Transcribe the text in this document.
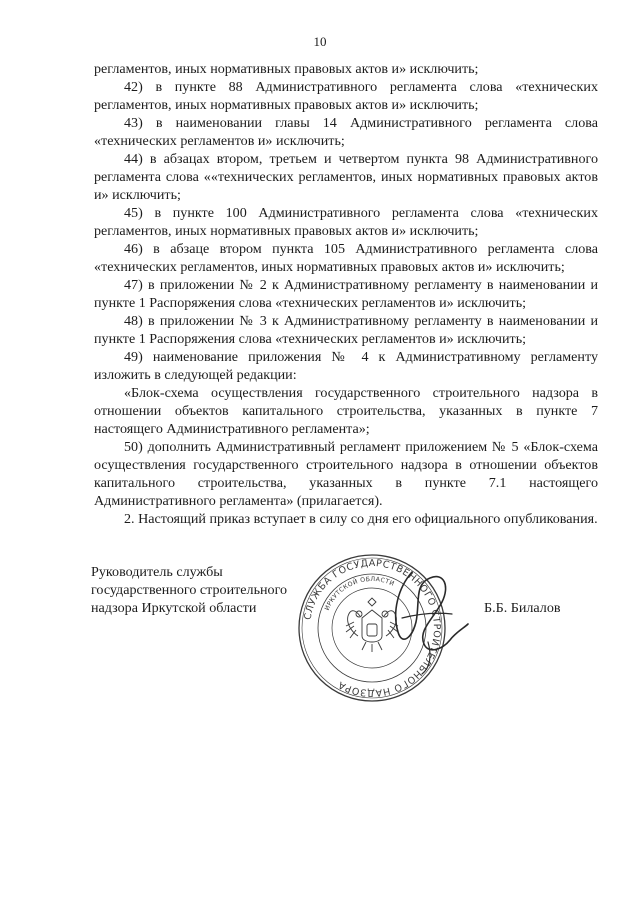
10

регламентов, иных нормативных правовых актов и» исключить;

42) в пункте 88 Административного регламента слова «технических регламентов, иных нормативных правовых актов и» исключить;

43) в наименовании главы 14 Административного регламента слова «технических регламентов и» исключить;

44) в абзацах втором, третьем и четвертом пункта 98 Административного регламента слова ««технических регламентов, иных нормативных правовых актов и» исключить;

45) в пункте 100 Административного регламента слова «технических регламентов, иных нормативных правовых актов и» исключить;

46) в абзаце втором пункта 105 Административного регламента слова «технических регламентов, иных нормативных правовых актов и» исключить;

47) в приложении № 2 к Административному регламенту в наименовании и пункте 1 Распоряжения слова «технических регламентов и» исключить;

48) в приложении № 3 к Административному регламенту в наименовании и пункте 1 Распоряжения слова «технических регламентов и» исключить;

49) наименование приложения № 4 к Административному регламенту изложить в следующей редакции:

«Блок-схема осуществления государственного строительного надзора в отношении объектов капитального строительства, указанных в пункте 7 настоящего Административного регламента»;

50) дополнить Административный регламент приложением № 5 «Блок-схема осуществления государственного строительного надзора в отношении объектов капитального строительства, указанных в пункте 7.1 настоящего Административного регламента» (прилагается).

2. Настоящий приказ вступает в силу со дня его официального опубликования.

Руководитель службы
государственного строительного
надзора Иркутской области	Б.Б. Билалов
СЛУЖБА ГОСУДАРСТВЕННОГО СТРОИТЕЛЬНОГО НАДЗОРА
ИРКУТСКОЙ ОБЛАСТИ
